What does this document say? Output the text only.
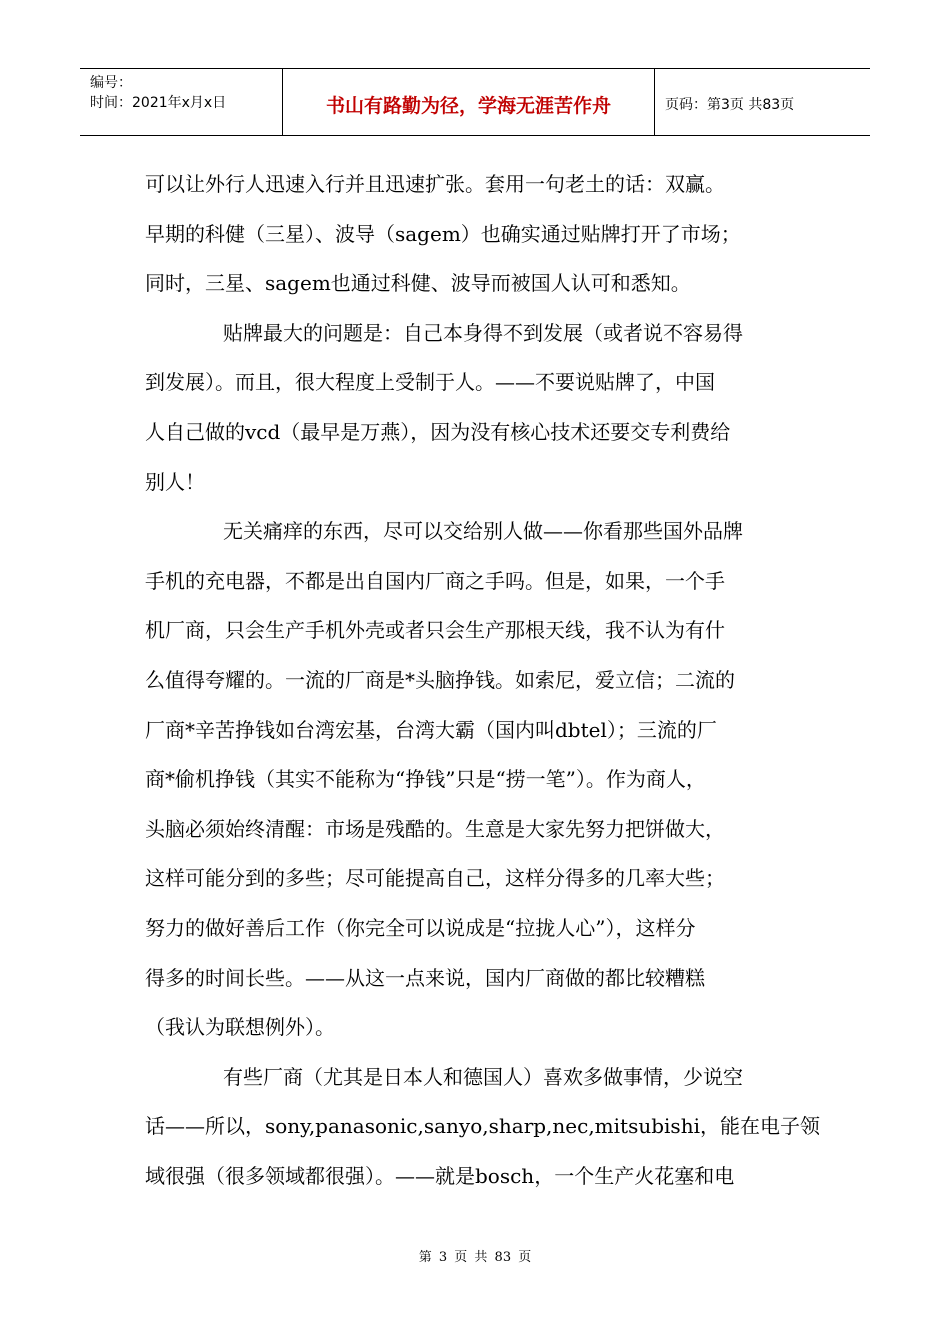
编号：
时间：2021年x月x日	书山有路勤为径，学海无涯苦作舟	页码：第3页 共83页

可以让外行人迅速入行并且迅速扩张。套用一句老土的话：双赢。
早期的科健（三星）、波导（sagem）也确实通过贴牌打开了市场；
同时，三星、sagem也通过科健、波导而被国人认可和悉知。

贴牌最大的问题是：自己本身得不到发展（或者说不容易得
到发展）。而且，很大程度上受制于人。——不要说贴牌了，中国
人自己做的vcd（最早是万燕），因为没有核心技术还要交专利费给
别人！

无关痛痒的东西，尽可以交给别人做——你看那些国外品牌
手机的充电器，不都是出自国内厂商之手吗。但是，如果，一个手
机厂商，只会生产手机外壳或者只会生产那根天线，我不认为有什
么值得夸耀的。一流的厂商是*头脑挣钱。如索尼，爱立信；二流的
厂商*辛苦挣钱如台湾宏基，台湾大霸（国内叫dbtel）；三流的厂
商*偷机挣钱（其实不能称为“挣钱”只是“捞一笔”）。作为商人，
头脑必须始终清醒：市场是残酷的。生意是大家先努力把饼做大，
这样可能分到的多些；尽可能提高自己，这样分得多的几率大些；
努力的做好善后工作（你完全可以说成是“拉拢人心”），这样分
得多的时间长些。——从这一点来说，国内厂商做的都比较糟糕
（我认为联想例外）。

有些厂商（尤其是日本人和德国人）喜欢多做事情，少说空
话——所以，sony,panasonic,sanyo,sharp,nec,mitsubishi，能在电子领
域很强（很多领域都很强）。——就是bosch，一个生产火花塞和电

第 3 页 共 83 页
